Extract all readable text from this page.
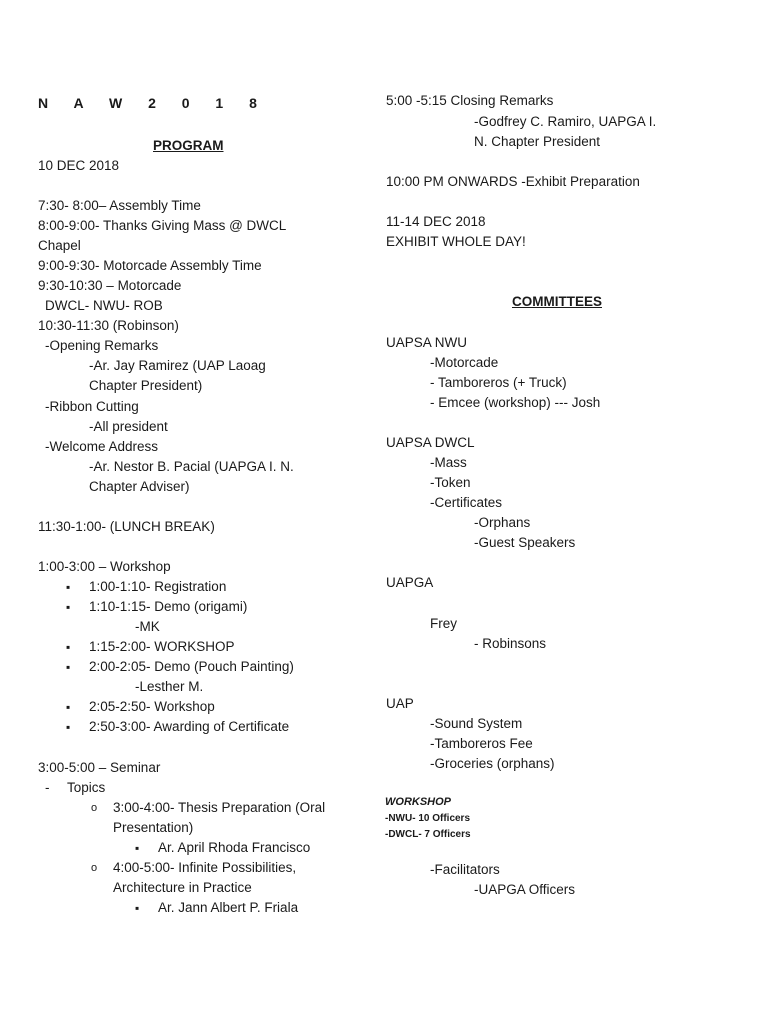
N A W 2 0 1 8
PROGRAM
10 DEC 2018
7:30- 8:00– Assembly Time
8:00-9:00- Thanks Giving Mass @ DWCL
Chapel
9:00-9:30- Motorcade Assembly Time
9:30-10:30 – Motorcade
DWCL- NWU- ROB
10:30-11:30 (Robinson)
-Opening Remarks
-Ar. Jay Ramirez (UAP Laoag
Chapter President)
-Ribbon Cutting
-All president
-Welcome Address
-Ar. Nestor B. Pacial (UAPGA I. N.
Chapter Adviser)
11:30-1:00- (LUNCH BREAK)
1:00-3:00 – Workshop
▪ 1:00-1:10- Registration
▪ 1:10-1:15- Demo (origami)
-MK
▪ 1:15-2:00- WORKSHOP
▪ 2:00-2:05- Demo (Pouch Painting)
-Lesther M.
▪ 2:05-2:50- Workshop
▪ 2:50-3:00- Awarding of Certificate
3:00-5:00 – Seminar
- Topics
o 3:00-4:00- Thesis Preparation (Oral
Presentation)
▪ Ar. April Rhoda Francisco
o 4:00-5:00- Infinite Possibilities,
Architecture in Practice
▪ Ar. Jann Albert P. Friala
5:00 -5:15 Closing Remarks
-Godfrey C. Ramiro, UAPGA I.
N. Chapter President
10:00 PM ONWARDS -Exhibit Preparation
11-14 DEC 2018
EXHIBIT WHOLE DAY!
COMMITTEES
UAPSA NWU
-Motorcade
- Tamboreros (+ Truck)
- Emcee (workshop) --- Josh
UAPSA DWCL
-Mass
-Token
-Certificates
-Orphans
-Guest Speakers
UAPGA
Frey
- Robinsons
UAP
-Sound System
-Tamboreros Fee
-Groceries (orphans)
WORKSHOP
-NWU- 10 Officers
-DWCL- 7 Officers
-Facilitators
-UAPGA Officers
